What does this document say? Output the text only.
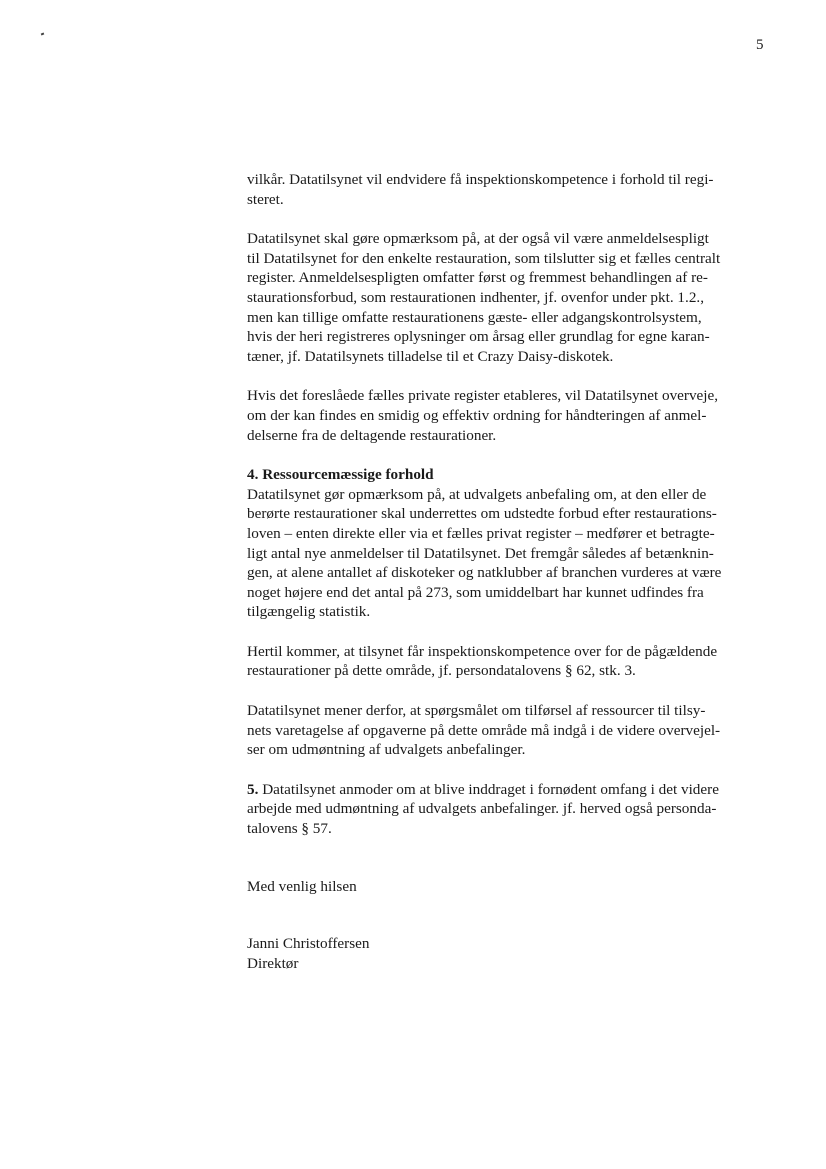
5

vilkår. Datatilsynet vil endvidere få inspektionskompetence i forhold til regi-
steret.

Datatilsynet skal gøre opmærksom på, at der også vil være anmeldelsespligt
til Datatilsynet for den enkelte restauration, som tilslutter sig et fælles centralt
register. Anmeldelsespligten omfatter først og fremmest behandlingen af re-
staurationsforbud, som restaurationen indhenter, jf. ovenfor under pkt. 1.2.,
men kan tillige omfatte restaurationens gæste- eller adgangskontrolsystem,
hvis der heri registreres oplysninger om årsag eller grundlag for egne karan-
tæner, jf. Datatilsynets tilladelse til et Crazy Daisy-diskotek.

Hvis det foreslåede fælles private register etableres, vil Datatilsynet overveje,
om der kan findes en smidig og effektiv ordning for håndteringen af anmel-
delserne fra de deltagende restaurationer.

4. Ressourcemæssige forhold
Datatilsynet gør opmærksom på, at udvalgets anbefaling om, at den eller de
berørte restaurationer skal underrettes om udstedte forbud efter restaurations-
loven – enten direkte eller via et fælles privat register – medfører et betragte-
ligt antal nye anmeldelser til Datatilsynet. Det fremgår således af betænknin-
gen, at alene antallet af diskoteker og natklubber af branchen vurderes at være
noget højere end det antal på 273, som umiddelbart har kunnet udfindes fra
tilgængelig statistik.

Hertil kommer, at tilsynet får inspektionskompetence over for de pågældende
restaurationer på dette område, jf. persondatalovens § 62, stk. 3.

Datatilsynet mener derfor, at spørgsmålet om tilførsel af ressourcer til tilsy-
nets varetagelse af opgaverne på dette område må indgå i de videre overvejel-
ser om udmøntning af udvalgets anbefalinger.

5. Datatilsynet anmoder om at blive inddraget i fornødent omfang i det videre
arbejde med udmøntning af udvalgets anbefalinger. jf. herved også personda-
talovens § 57.

Med venlig hilsen

Janni Christoffersen
Direktør
